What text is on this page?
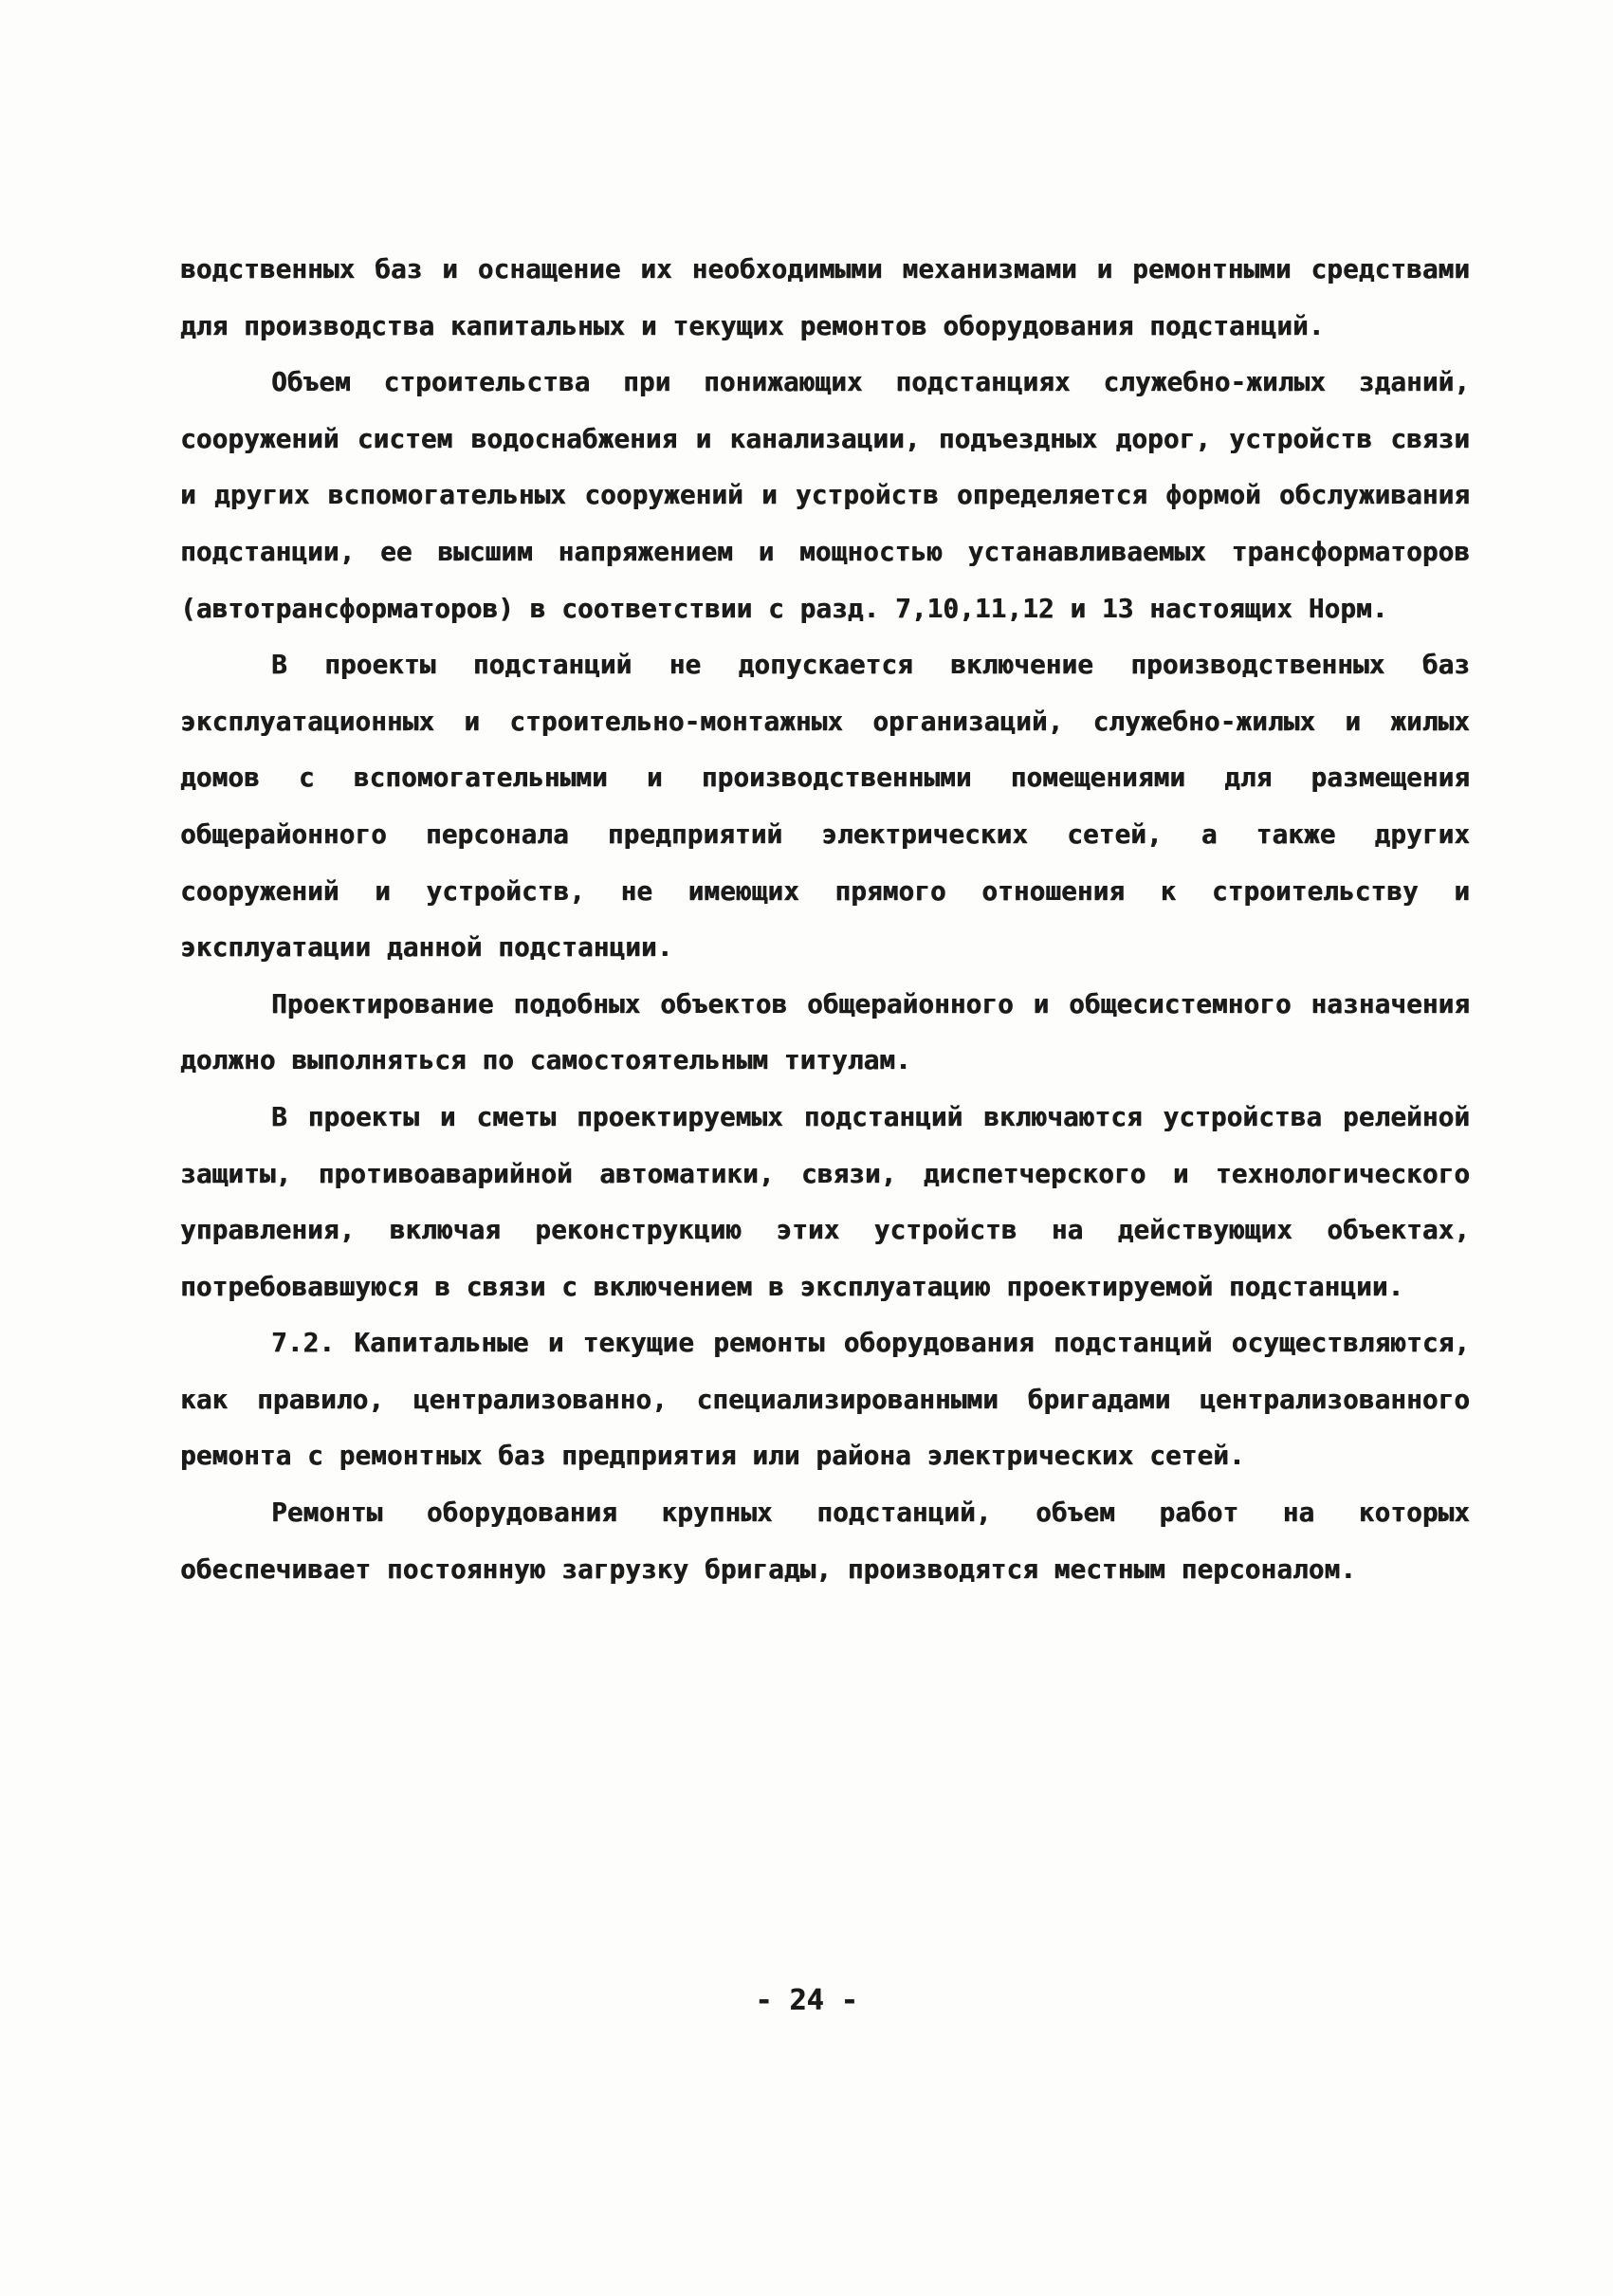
водственных баз и оснащение их необходимыми механизмами и ремонтными средствами для производства капитальных и текущих ремонтов оборудования подстанций.

Объем строительства при понижающих подстанциях служебно-жилых зданий, сооружений систем водоснабжения и канализации, подъездных дорог, устройств связи и других вспомогательных сооружений и устройств определяется формой обслуживания подстанции, ее высшим напряжением и мощностью устанавливаемых трансформаторов (автотрансформаторов) в соответствии с разд. 7,10,11,12 и 13 настоящих Норм.

В проекты подстанций не допускается включение производственных баз эксплуатационных и строительно-монтажных организаций, служебно-жилых и жилых домов с вспомогательными и производственными помещениями для размещения общерайонного персонала предприятий электрических сетей, а также других сооружений и устройств, не имеющих прямого отношения к строительству и эксплуатации данной подстанции.

Проектирование подобных объектов общерайонного и общесистемного назначения должно выполняться по самостоятельным титулам.

В проекты и сметы проектируемых подстанций включаются устройства релейной защиты, противоаварийной автоматики, связи, диспетчерского и технологического управления, включая реконструкцию этих устройств на действующих объектах, потребовавшуюся в связи с включением в эксплуатацию проектируемой подстанции.

7.2. Капитальные и текущие ремонты оборудования подстанций осуществляются, как правило, централизованно, специализированными бригадами централизованного ремонта с ремонтных баз предприятия или района электрических сетей.

Ремонты оборудования крупных подстанций, объем работ на которых обеспечивает постоянную загрузку бригады, производятся местным персоналом.

- 24 -
